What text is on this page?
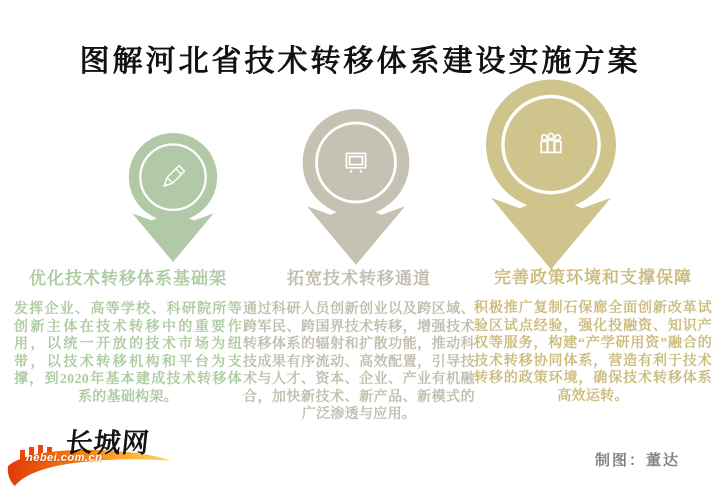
图解河北省技术转移体系建设实施方案
优化技术转移体系基础架
发挥企业、高等学校、科研院所等创新主体在技术转移中的重要作用，以统一开放的技术市场为纽带，以技术转移机构和平台为支撑，到2020年基本建成技术转移体系的基础构架。
拓宽技术转移通道
通过科研人员创新创业以及跨区域、跨军民、跨国界技术转移，增强技术转移体系的辐射和扩散功能，推动科技成果有序流动、高效配置，引导技术与人才、资本、企业、产业有机融合，加快新技术、新产品、新模式的广泛渗透与应用。
完善政策环境和支撑保障
积极推广复制石保廊全面创新改革试验区试点经验，强化投融资、知识产权等服务，构建“产学研用资”融合的技术转移协同体系，营造有利于技术转移的政策环境，确保技术转移体系高效运转。
长城网
hebei.com.cn	制图：董达
